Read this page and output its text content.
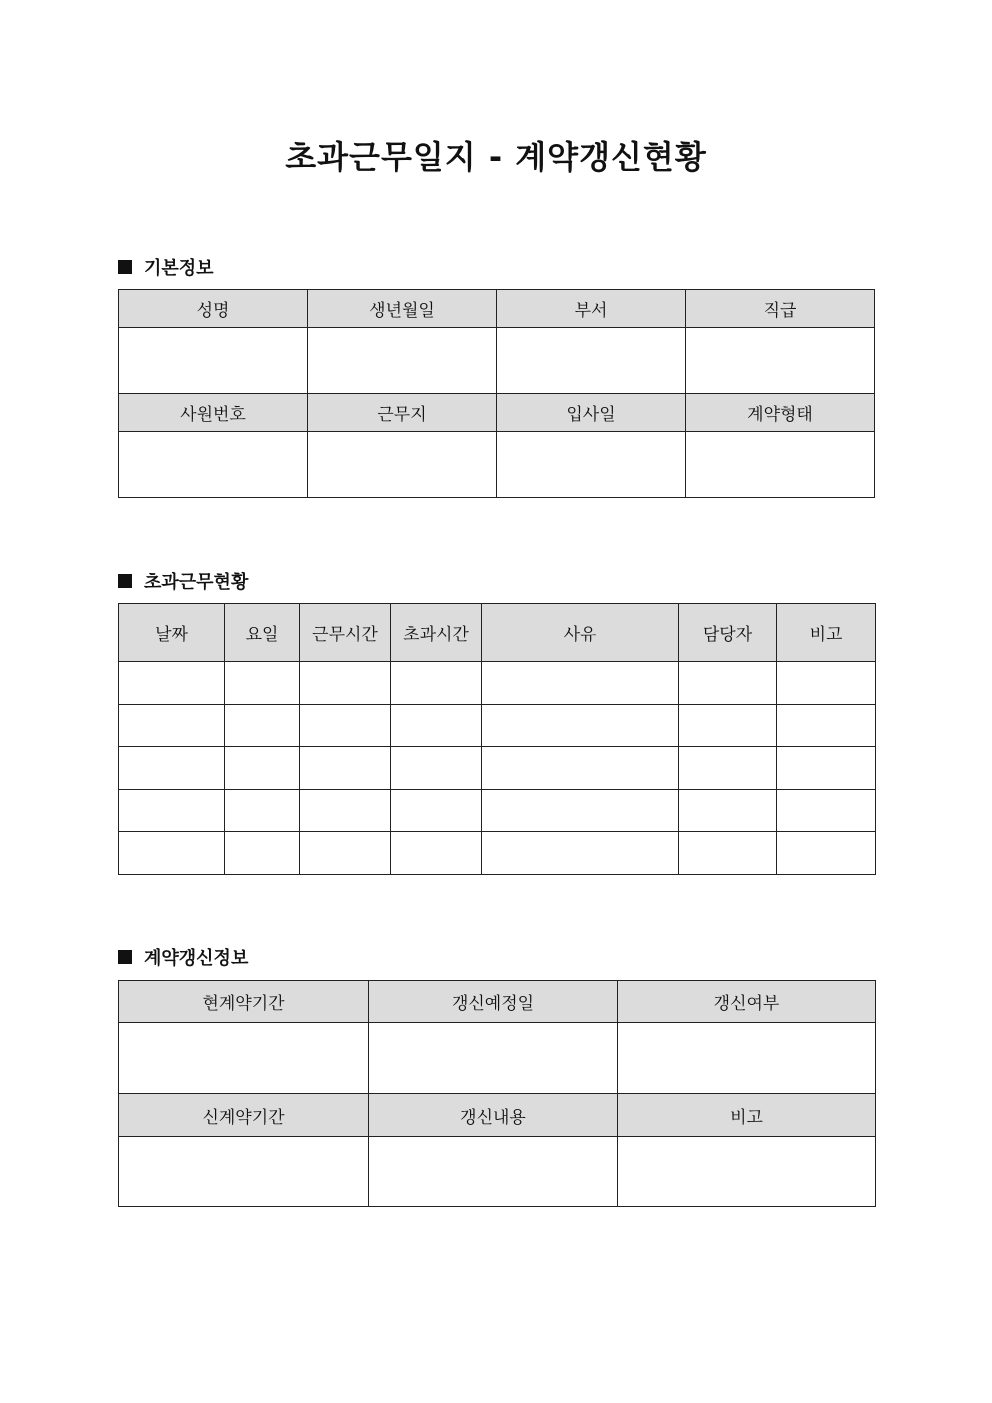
초과근무일지 - 계약갱신현황
기본정보
성명	생년월일	부서	직급

사원번호	근무지	입사일	계약형태

초과근무현황
날짜	요일	근무시간	초과시간	사유	담당자	비고

계약갱신정보
현계약기간	갱신예정일	갱신여부

신계약기간	갱신내용	비고
